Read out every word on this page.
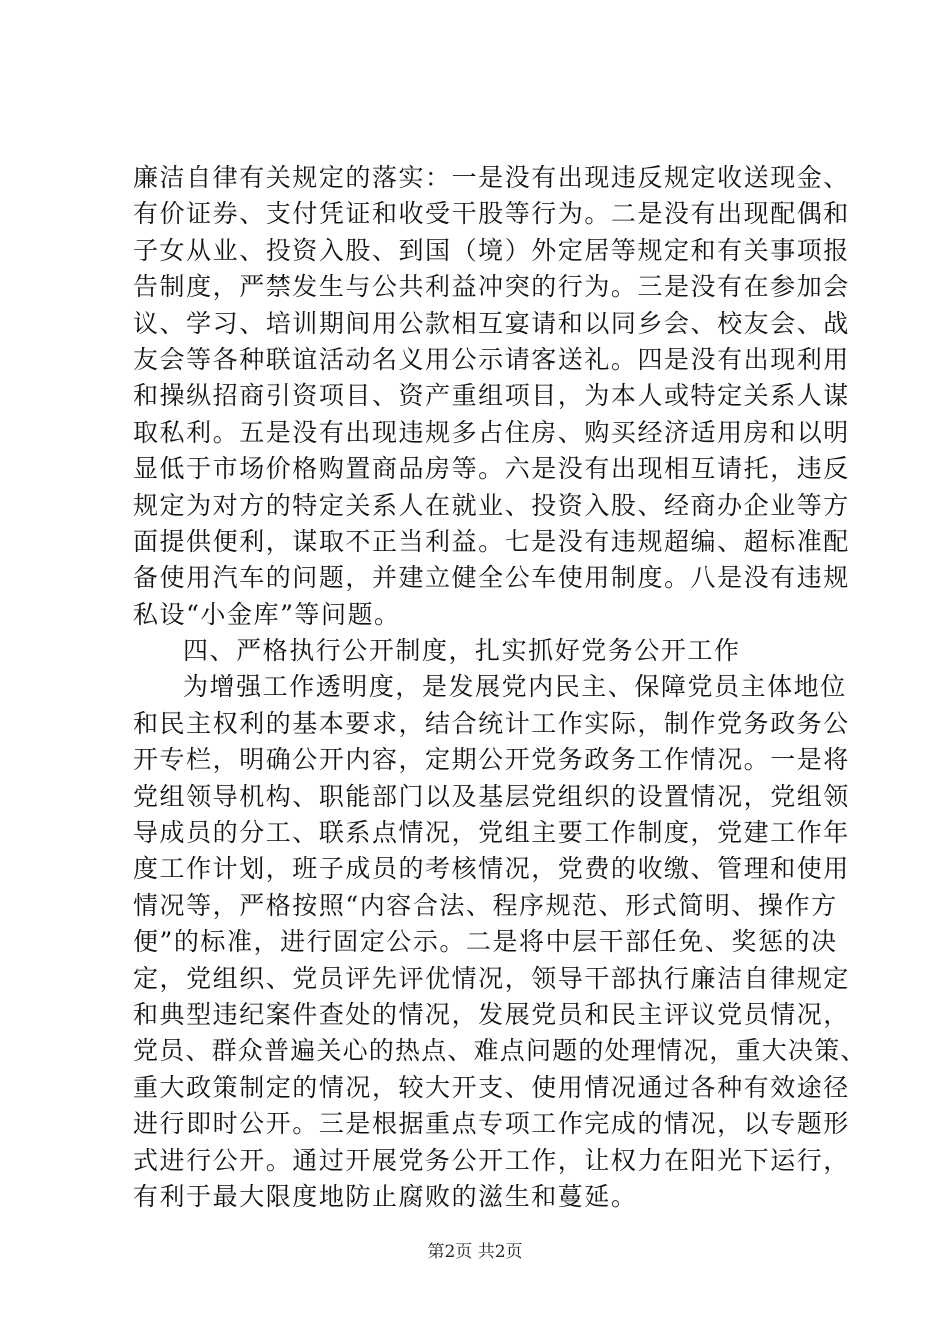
廉洁自律有关规定的落实：一是没有出现违反规定收送现金、
有价证券、支付凭证和收受干股等行为。二是没有出现配偶和
子女从业、投资入股、到国（境）外定居等规定和有关事项报
告制度，严禁发生与公共利益冲突的行为。三是没有在参加会
议、学习、培训期间用公款相互宴请和以同乡会、校友会、战
友会等各种联谊活动名义用公示请客送礼。四是没有出现利用
和操纵招商引资项目、资产重组项目，为本人或特定关系人谋
取私利。五是没有出现违规多占住房、购买经济适用房和以明
显低于市场价格购置商品房等。六是没有出现相互请托，违反
规定为对方的特定关系人在就业、投资入股、经商办企业等方
面提供便利，谋取不正当利益。七是没有违规超编、超标准配
备使用汽车的问题，并建立健全公车使用制度。八是没有违规
私设“小金库”等问题。
四、严格执行公开制度，扎实抓好党务公开工作
为增强工作透明度，是发展党内民主、保障党员主体地位
和民主权利的基本要求，结合统计工作实际，制作党务政务公
开专栏，明确公开内容，定期公开党务政务工作情况。一是将
党组领导机构、职能部门以及基层党组织的设置情况，党组领
导成员的分工、联系点情况，党组主要工作制度，党建工作年
度工作计划，班子成员的考核情况，党费的收缴、管理和使用
情况等，严格按照“内容合法、程序规范、形式简明、操作方
便”的标准，进行固定公示。二是将中层干部任免、奖惩的决
定，党组织、党员评先评优情况，领导干部执行廉洁自律规定
和典型违纪案件查处的情况，发展党员和民主评议党员情况，
党员、群众普遍关心的热点、难点问题的处理情况，重大决策、
重大政策制定的情况，较大开支、使用情况通过各种有效途径
进行即时公开。三是根据重点专项工作完成的情况，以专题形
式进行公开。通过开展党务公开工作，让权力在阳光下运行，
有利于最大限度地防止腐败的滋生和蔓延。
第2页 共2页
